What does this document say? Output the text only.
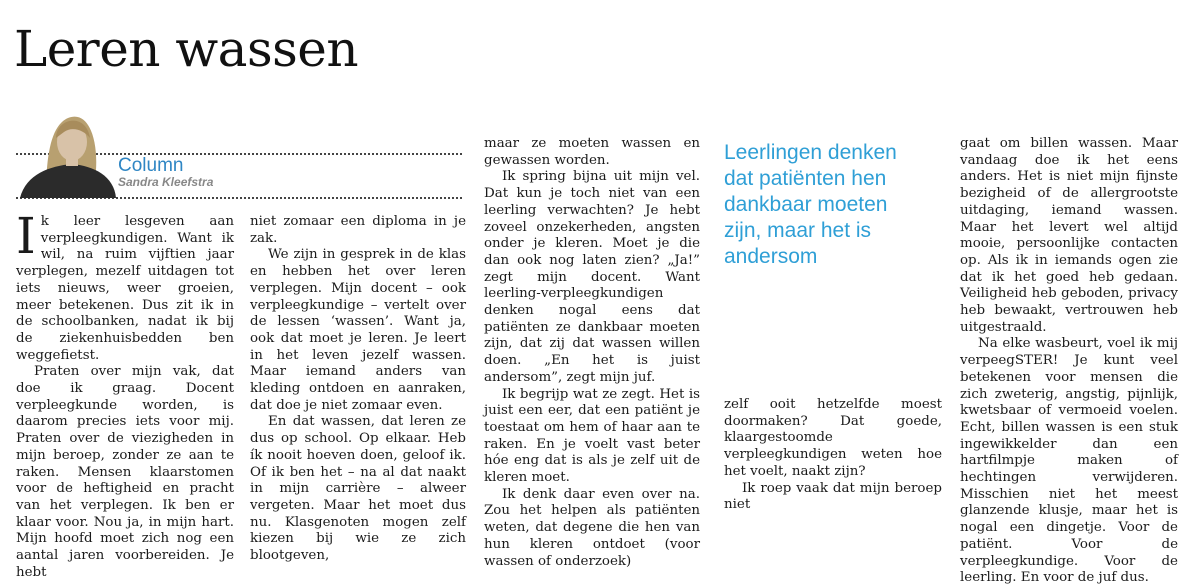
Leren wassen
Column
Sandra Kleefstra

Ik leer lesgeven aan verpleegkundigen. Want ik wil, na ruim vijftien jaar verplegen, mezelf uitdagen tot iets nieuws, weer groeien, meer betekenen. Dus zit ik in de schoolbanken, nadat ik bij de ziekenhuisbedden ben weggefietst.

Praten over mijn vak, dat doe ik graag. Docent verpleegkunde worden, is daarom precies iets voor mij. Praten over de viezigheden in mijn beroep, zonder ze aan te raken. Mensen klaarstomen voor de heftigheid en pracht van het verplegen. Ik ben er klaar voor. Nou ja, in mijn hart. Mijn hoofd moet zich nog een aantal jaren voorbereiden. Je hebt

niet zomaar een diploma in je zak.

We zijn in gesprek in de klas en hebben het over leren verplegen. Mijn docent – ook verpleegkundige – vertelt over de lessen ‘wassen’. Want ja, ook dat moet je leren. Je leert in het leven jezelf wassen. Maar iemand anders van kleding ontdoen en aanraken, dat doe je niet zomaar even.

En dat wassen, dat leren ze dus op school. Op elkaar. Heb ík nooit hoeven doen, geloof ik. Of ik ben het – na al dat naakt in mijn carrière – alweer vergeten. Maar het moet dus nu. Klasgenoten mogen zelf kiezen bij wie ze zich blootgeven,

maar ze moeten wassen en gewassen worden.

Ik spring bijna uit mijn vel. Dat kun je toch niet van een leerling verwachten? Je hebt zoveel onzekerheden, angsten onder je kleren. Moet je die dan ook nog laten zien? „Ja!” zegt mijn docent. Want leerling-verpleegkundigen denken nogal eens dat patiënten ze dankbaar moeten zijn, dat zij dat wassen willen doen. „En het is juist andersom”, zegt mijn juf.

Ik begrijp wat ze zegt. Het is juist een eer, dat een patiënt je toestaat om hem of haar aan te raken. En je voelt vast beter hóe eng dat is als je zelf uit de kleren moet.

Ik denk daar even over na. Zou het helpen als patiënten weten, dat degene die hen van hun kleren ontdoet (voor wassen of onderzoek)

Leerlingen denken dat patiënten hen dankbaar moeten zijn, maar het is andersom

zelf ooit hetzelfde moest doormaken? Dat goede, klaargestoomde verpleegkundigen weten hoe het voelt, naakt zijn?

Ik roep vaak dat mijn beroep niet

gaat om billen wassen. Maar vandaag doe ik het eens anders. Het is niet mijn fijnste bezigheid of de allergrootste uitdaging, iemand wassen. Maar het levert wel altijd mooie, persoonlijke contacten op. Als ik in iemands ogen zie dat ik het goed heb gedaan. Veiligheid heb geboden, privacy heb bewaakt, vertrouwen heb uitgestraald.

Na elke wasbeurt, voel ik mij verpeegSTER! Je kunt veel betekenen voor mensen die zich zweterig, angstig, pijnlijk, kwetsbaar of vermoeid voelen. Echt, billen wassen is een stuk ingewikkelder dan een hartfilmpje maken of hechtingen verwijderen. Misschien niet het meest glanzende klusje, maar het is nogal een dingetje. Voor de patiënt. Voor de verpleegkundige. Voor de leerling. En voor de juf dus.
